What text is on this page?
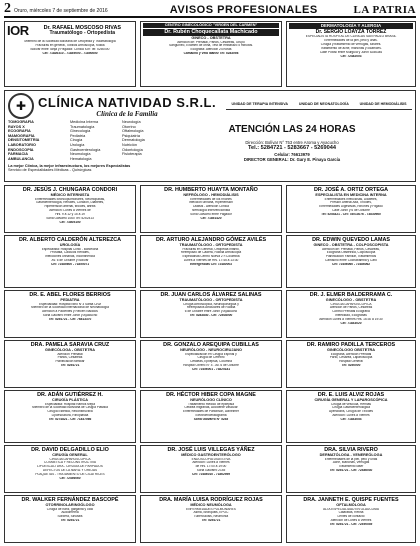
2 Oruro, miércoles 7 de septiembre de 2016	AVISOS PROFESIONALES	LA PATRIA
IOR	Dr. RAFAEL MOSCOSO RIVAS
Traumatólogo - Ortopedista
Miembro de la Sociedad Boliviana de Ortopedia y Traumatología
Fracturas en general, Tobillos Artroscopía, rodilla
Bolívar entre Tarija y Pagador. Clínica IOR Tel: 5250000
Cel: 71826310 - 71849000 - 71850650
CENTRO GINECOLÓGICO "VIRGEN DEL CARMEN"
Dr. Rubén Choquecallata Machicado
GINECO - OBSTETRA
Atención de: Prenatal, Partos, Cesáreas, Grupo
Sanguíneo, Examen de orina, Test de embarazo 5 minutos.
Ecografía: Atención 24 horas
Camacho y Vela Ibañez Tel: 5283098
DERMATOLOGÍA Y ALERGIA
Dr. SERGIO LOAYZA TORREZ
ESPECIALISTA HOSPITAL DE CLÍNICAS SAN PAULO BRASIL
Enfermedades de la piel, pelo y uñas.
Cirugía y tratamiento de verrugas, lunares.
Tratamiento de acné, manchas y cicatrices.
Calle Potosí entre Murguía y Junín 5286346
Cel: 72482003
✚ CLÍNICA NATIVIDAD S.R.L.
Clínica de la Familia
UNIDAD DE TERAPIA INTENSIVA	UNIDAD DE NEONATOLOGÍA	UNIDAD DE HEMODIÁLISIS
TOMOGRAFÍA
RAYOS X
ECOGRAFÍA
MAMOGRAFÍA
DENSITOMETRÍA
LABORATORIO
ENDOSCOPÍA
FARMACIA
AMBULANCIA
Medicina Interna
Traumatología
Ginecología
Pediatría
Cirugía
Urología
Gastroenterología
Neumología
Hematología
Neurología
Otorrino
Oftalmología
Psiquiatría
Dermatología
Nutrición
Odontología
Fisioterapia
ATENCIÓN LAS 24 HORAS
Dirección: Bolívar N° 753 entre Aroma y Ayacucho
Tel.: 5284721 - 5283667 - 5269044
Celular: 76613979
DIRECTOR GENERAL: Dr. Gary E. Pinaya García
La mejor Clínica, la mejor infraestructura, los mejores Especialistas
Servicio de Especialidades Médicas - Quirúrgicas
DR. JESÚS J. CHUNGARA CONDORI
MÉDICO INTERNISTA
Enfermedades Broncopulmonares, Neumopatías,
Gastroenterología, Renales, Corazón, Diabetes,
Hipertensión arterial, tiroides, artritis
Atención: Lunes a Viernes de
Hrs. 9 a 12 y 15 a 19
Soria Galvarro 1060 Tel: 5252413
Cel: 73805150
DR. HUMBERTO HUAYTA MONTAÑO
NEFRÓLOGO - HEMODIÁLISIS
Enfermedades de los riñones
Infección urinaria, Hipertensión
Diálisis - Atención Clínica
Nefrología Intervencionista
Soria Galvarro entre Pagador
Cel: 71851420
DR. JOSÉ A. ORTIZ ORTEGA
ESPECIALISTA EN MEDICINA INTERNA
Enfermedades Infecciosas, Diabetes,
Presión Arterial Alta, Tiroides,
Enfermedades Digestivas, Riñones y Hígado
Calle Junín y 6 de Octubre
Tel: 5254421 - Cel: 78013076 - 73830960
DR. ALBERTO CALDERÓN ALTEREZCA
UROLOGÍA
Especialista: Hospital Clínic - Barcelona
Próstata, Cálculos Renales,
Infecciones urinarias, Incontinencia
Av. 6 de Octubre y Bolívar
Cel: 72485600 - 71855071
DR. ARTURO ALEJANDRO GÓMEZ AVILÉS
TRAUMATÓLOGO - ORTOPEDISTA
Fracturas en General, Ortopedia Infantil,
Reemplazo de Cadera, Rodilla Artroscopía
Especialista Centro Nueva 2 F.Columbia
Lunes a Viernes de Hrs. 17:45 a 13:30
Emergencias Cel: 72480003
DR. EDWIN QUEVEDO LAMAS
GINECO - OBSTETRA - COLPOSCOPISTA
Atención de: Prenatal, Partos, Cesáreas,
Ecografía Obstétrica, Colposcopía
Planificación Familiar, Tratamientos
Camacho entre Cochabamba y Caro
Cel: 72456060 - 72486062
DR. E. ABEL FLORES BERRIOS
PEDIATRA
Especialidad: Hospital Niño N°3 Santa Cruz
Miembro de la Sociedad Internacional de Neonatología
Atención a Pacientes y Recién Nacidos
Soria Galvarro entre Junín y Ayacucho
Tel: 5254721 - Cel: 76813370
DR. JUAN CARLOS ÁLVAREZ SALINAS
TRAUMATÓLOGO - ORTOPEDISTA
Cirugía Artroscópica, Neuroquirúrgica y
Reemplazos Articulares de Rodilla
6 de Octubre entre Junín y Ayacucho
Tel: 5283840 - Cel: 72408000
DR. J. ELMER BALDERRAMA C.
GINECÓLOGO - OBSTETRA
CIRUGÍA LAPAROSCÓPICA
Atención de Partos, Cesáreas
Control Prenatal Ecografía
Infertilidad, Ecografías
Atención Lunes a Viernes Hrs. 16:30 a 19:30
Cel: 71843020
DRA. PAMELA SARAVIA CRUZ
GINECÓLOGA - OBSTETRA
Atención Prenatal
Partos, Cesáreas
Planificación familiar
Tel: 5254721
DR. GONZALO AREQUIPA CUBILLAS
NEURÓLOGO - NEUROCIRUJANO
Especialización en Cirugía Espinal y
Cirugía de Cerebro
Cefaleas, Epilepsia, Columna
Hospital Obrero N° 4 - Av. 6 de Octubre
Cel: 72456001 - 73825181
DR. RAMIRO PADILLA TERCEROS
GINECÓLOGO OBSTETRA
Ecografía, Atención Prenatal
Parto, Cesárea, Laparoscopía
Hospital General
Tel: 5250000
DR. ADÁN GUTIÉRREZ H.
CIRUGÍA PLÁSTICA
Especialista: Hospital Ramos Mejía
Miembro de la Sociedad Boliviana de Cirugía Plástica
Cirugía Estética, Reconstructiva
Lipoescultura, Rinoplastía
Tel: 5274821 - Cel: 71837066
DR. HÉCTOR HIBER COPA MAGNE
NEURÓLOGO CLÍNICO
Tratamiento médico de epilepsia
Cefalea migrañas, Accidente vascular
Enfermedades de Parkinson, Alzheimer
Electroencefalograma
Soria Galvarro N° 5245
DR. E. LUIS ALVIZ ROJAS
CIRUGÍA GENERAL Y LAPAROSCÓPICA
Cirugía de vesícula, Hernias
Cirugía Gastroenterológica
Apendicitis, Cirugía de Tiroides
Atención: Lunes a Viernes
Cel: 71843054
DR. DAVID DELGADILLO ELIO
CIRUGÍA GENERAL
CIRUGÍA LAPAROSCÓPICA
COSMÉTICA Y RECONSTRUCTIVA
LIPOESCULTURA - CIRUGÍA DE PÁRPADOS
DEFECTOS DE LA NARIZ Y OREJAS
PLAQUETAS - TRATAMIENTO DE CICATRICES
Cel: 72456060
DR. JOSÉ LUIS VILLEGAS YÁÑEZ
MÉDICO GASTROENTERÓLOGO
ENDOSCOPÍA DIGESTIVA
Atención: Lunes a Viernes
de Hrs. 17:00 a 19:00
Soria Galvarro 2145
Cel: 72486010 - 71862959
DRA. SILVIA RIVERO
DERMATÓLOGA - VENEREÓLOGA
Enfermedades de la piel, pelo y uñas
Acné, Manchas, Verrugas
Tratamiento láser
Tel: 5254721 - Cel: 72486030
DR. WALKER FERNÁNDEZ BASCOPÉ
OTORRINOLARINGÓLOGO
Cirugía de nariz, garganta y oído
Audiometría
Sordera, Sinusitis
Tel: 5254721
DRA. MARÍA LUISA RODRÍGUEZ ROJAS
MÉDICO NEUMÓLOGA
ENFERMEDADES PULMONARES
Asma, Bronquitis, EPOC
Tuberculosis, Neumonía
Tel: 5254721
DRA. JANNETH E. QUISPE FUENTES
OFTALMÓLOGA
ALTA ESPECIALIDAD EN GLAUCOMA
Cataratas, Retina
Lentes de contacto
Atención de Lunes a Viernes
Tel: 5254721 - Cel: 72490049
